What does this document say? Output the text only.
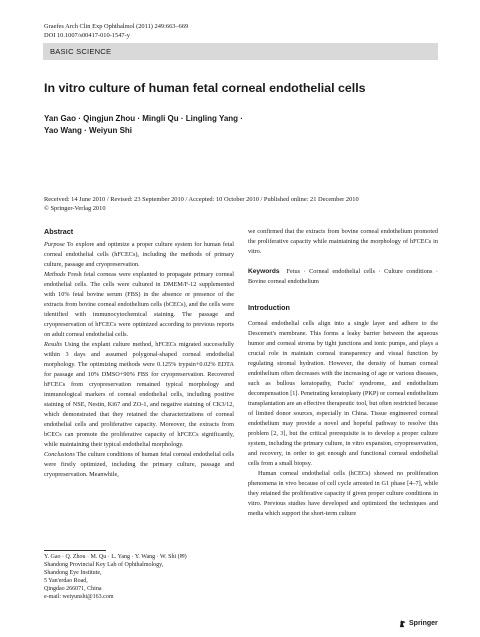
Graefes Arch Clin Exp Ophthalmol (2011) 249:663–669
DOI 10.1007/s00417-010-1547-y
BASIC SCIENCE
In vitro culture of human fetal corneal endothelial cells
Yan Gao · Qingjun Zhou · Mingli Qu · Lingling Yang ·
Yao Wang · Weiyun Shi
Received: 14 June 2010 / Revised: 23 September 2010 / Accepted: 10 October 2010 / Published online: 21 December 2010
© Springer-Verlag 2010

Abstract

Purpose To explore and optimize a proper culture system for human fetal corneal endothelial cells (hFCECs), including the methods of primary culture, passage and cryopreservation.

Methods Fresh fetal corneas were explanted to propagate primary corneal endothelial cells. The cells were cultured in DMEM/F-12 supplemented with 10% fetal bovine serum (FBS) in the absence or presence of the extracts from bovine corneal endothelium cells (bCECs), and the cells were identified with immunocytochemical staining. The passage and cryopreservation of hFCECs were optimized according to previous reports on adult corneal endothelial cells.

Results Using the explant culture method, hFCECs migrated successfully within 3 days and assumed polygonal-shaped corneal endothelial morphology. The optimizing methods were 0.125% trypsin+0.02% EDTA for passage and 10% DMSO+90% FBS for cryopreservation. Recovered hFCECs from cryopreservation remained typical morphology and immunological markers of corneal endothelial cells, including positive staining of NSE, Nestin, Ki67 and ZO-1, and negative staining of CK3/12, which demonstrated that they retained the characterizations of corneal endothelial cells and proliferative capacity. Moreover, the extracts from bCECs can promote the proliferative capacity of hFCECs significantly, while maintaining their typical endothelial morphology.

Conclusions The culture conditions of human fetal corneal endothelial cells were firstly optimized, including the primary culture, passage and cryopreservation. Meanwhile,

Y. Gao · Q. Zhou · M. Qu · L. Yang · Y. Wang · W. Shi (✉)
Shandong Provincial Key Lab of Ophthalmology,
Shandong Eye Institute,
5 Yan'erdao Road,
Qingdao 266071, China
e-mail: weiyunshi@163.com

we confirmed that the extracts from bovine corneal endothelium promoted the proliferative capacity while maintaining the morphology of hFCECs in vitro.

Keywords Fetus · Corneal endothelial cells · Culture conditions · Bovine corneal endothelium

Introduction

Corneal endothelial cells align into a single layer and adhere to the Descemet's membrane. This forms a leaky barrier between the aqueous humor and corneal stroma by tight junctions and ionic pumps, and plays a crucial role in maintain corneal transparency and visual function by regulating stromal hydration. However, the density of human corneal endothelium often decreases with the increasing of age or various diseases, such as bullous keratopathy, Fuchs' syndrome, and endothelium decompensation [1]. Penetrating keratoplasty (PKP) or corneal endothelium transplantation are an effective therapeutic tool, but often restricted because of limited donor sources, especially in China. Tissue engineered corneal endothelium may provide a novel and hopeful pathway to resolve this problem [2, 3], but the critical prerequisite is to develop a proper culture system, including the primary culture, in vitro expansion, cryopreservation, and recovery, in order to get enough and functional corneal endothelial cells from a small biopsy.

Human corneal endothelial cells (hCECs) showed no proliferation phenomena in vivo because of cell cycle arrested in G1 phase [4–7], while they retained the proliferative capacity if given proper culture conditions in vitro. Previous studies have developed and optimized the techniques and media which support the short-term culture

Springer
